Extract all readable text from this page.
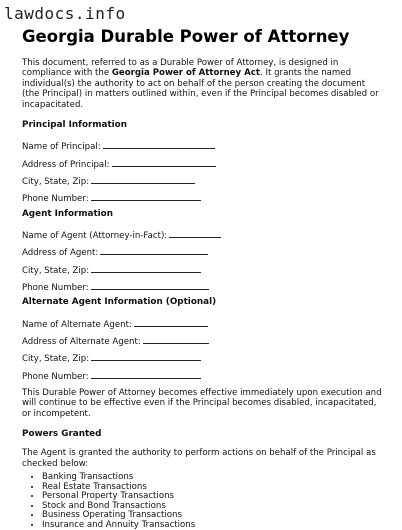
lawdocs.info
Georgia Durable Power of Attorney

This document, referred to as a Durable Power of Attorney, is designed in compliance with the Georgia Power of Attorney Act. It grants the named individual(s) the authority to act on behalf of the person creating the document (the Principal) in matters outlined within, even if the Principal becomes disabled or incapacitated.

Principal Information
Name of Principal:
Address of Principal:
City, State, Zip:
Phone Number:
Agent Information
Name of Agent (Attorney-in-Fact):
Address of Agent:
City, State, Zip:
Phone Number:
Alternate Agent Information (Optional)
Name of Alternate Agent:
Address of Alternate Agent:
City, State, Zip:
Phone Number:

This Durable Power of Attorney becomes effective immediately upon execution and will continue to be effective even if the Principal becomes disabled, incapacitated, or incompetent.

Powers Granted

The Agent is granted the authority to perform actions on behalf of the Principal as checked below:

• Banking Transactions
• Real Estate Transactions
• Personal Property Transactions
• Stock and Bond Transactions
• Business Operating Transactions
• Insurance and Annuity Transactions
